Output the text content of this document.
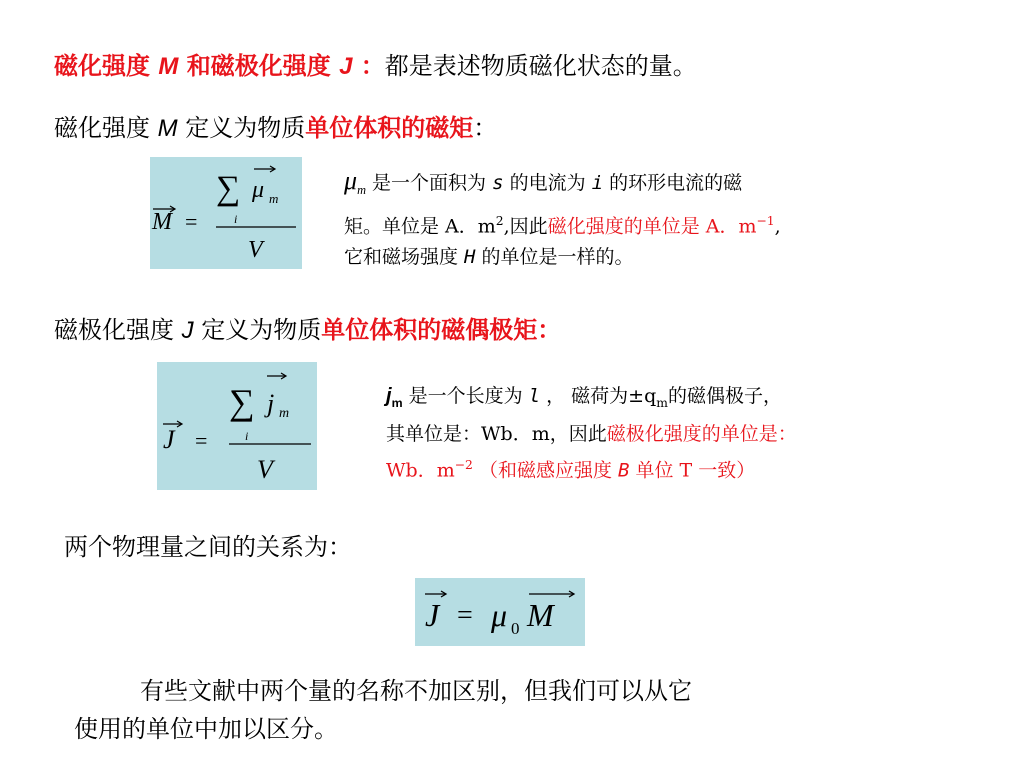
磁化强度 M 和磁极化强度 J ：都是表述物质磁化状态的量。
磁化强度 M 定义为物质单位体积的磁矩：
M =
∑ μ m
i
V
$\mu_m$ 是一个面积为 s 的电流为 i 的环形电流的磁
矩。单位是 A．$m^2$,因此磁化强度的单位是 A．$m^{-1}$,
它和磁场强度 H 的单位是一样的。
磁极化强度 J 定义为物质单位体积的磁偶极矩：
J =
∑ j m
i
V
$j_m$ 是一个长度为 l ， 磁荷为$\pm q_m$的磁偶极子，
其单位是：Wb．m，因此磁极化强度的单位是：
Wb．$m^{-2}$ （和磁感应强度 B 单位 T 一致）
两个物理量之间的关系为：
J = μ 0 M
有些文献中两个量的名称不加区别，但我们可以从它
使用的单位中加以区分。
